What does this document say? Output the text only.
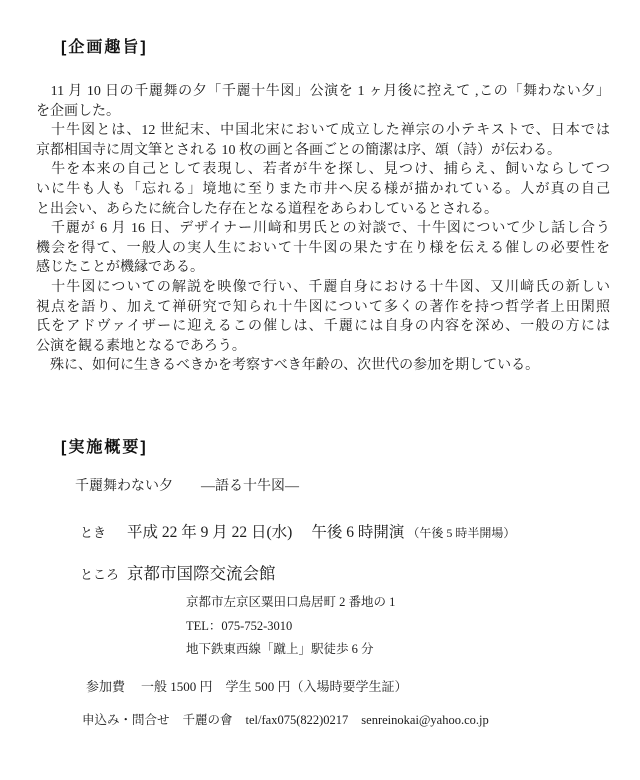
[企画趣旨]
　11 月 10 日の千麗舞の夕「千麗十牛図」公演を 1 ヶ月後に控えて ,この「舞わない夕」
を企画した。
　十牛図とは、12 世紀末、中国北宋において成立した禅宗の小テキストで、日本では
京都相国寺に周文筆とされる 10 枚の画と各画ごとの簡潔は序、頌（詩）が伝わる。
　牛を本来の自己として表現し、若者が牛を探し、見つけ、捕らえ、飼いならしてつ
いに牛も人も「忘れる」境地に至りまた市井へ戻る様が描かれている。人が真の自己
と出会い、あらたに統合した存在となる道程をあらわしているとされる。
　千麗が 6 月 16 日、デザイナー川﨑和男氏との対談で、十牛図について少し話し合う
機会を得て、一般人の実人生において十牛図の果たす在り様を伝える催しの必要性を
感じたことが機縁である。
　十牛図についての解説を映像で行い、千麗自身における十牛図、又川﨑氏の新しい
視点を語り、加えて禅研究で知られ十牛図について多くの著作を持つ哲学者上田閑照
氏をアドヴァイザーに迎えるこの催しは、千麗には自身の内容を深め、一般の方には
公演を観る素地となるであろう。
　殊に、如何に生きるべきかを考察すべき年齢の、次世代の参加を期している。
[実施概要]
千麗舞わない夕　　―語る十牛図―
とき	平成 22 年 9 月 22 日(水) 午後 6 時開演 （午後 5 時半開場）
ところ 京都市国際交流会館
京都市左京区粟田口鳥居町 2 番地の 1
TEL：075-752-3010
地下鉄東西線「蹴上」駅徒歩 6 分
参加費 一般 1500 円　学生 500 円（入場時要学生証）
申込み・問合せ 千麗の會 tel/fax075(822)0217 senreinokai@yahoo.co.jp
